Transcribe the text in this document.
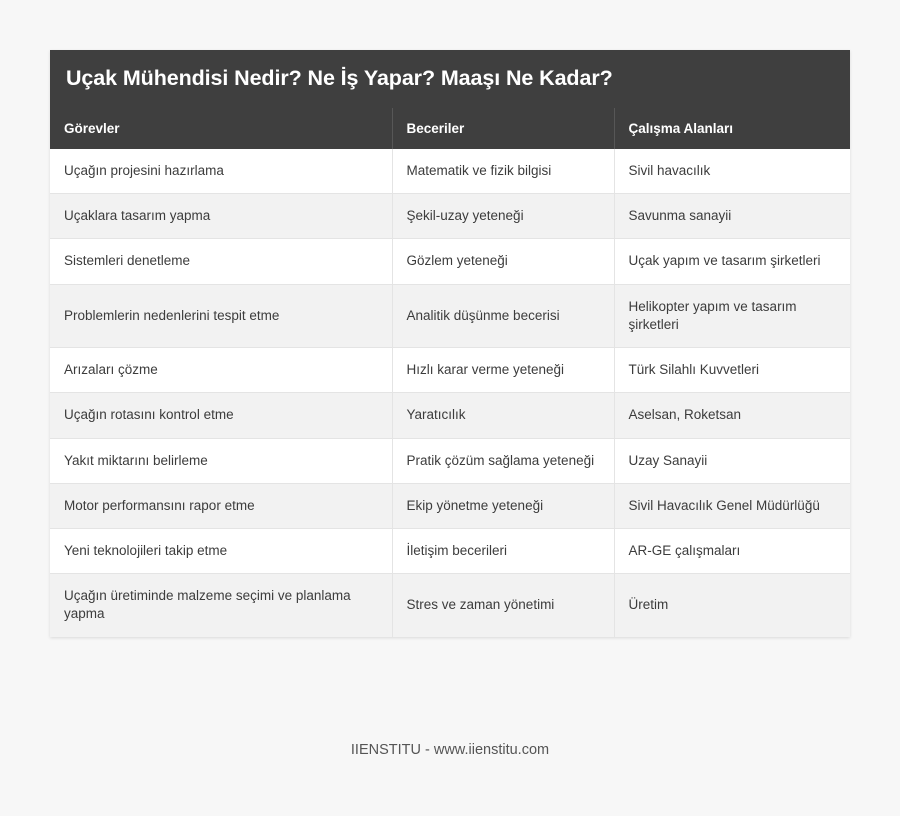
Uçak Mühendisi Nedir? Ne İş Yapar? Maaşı Ne Kadar?
Görevler	Beceriler	Çalışma Alanları
Uçağın projesini hazırlama	Matematik ve fizik bilgisi	Sivil havacılık
Uçaklara tasarım yapma	Şekil-uzay yeteneği	Savunma sanayii
Sistemleri denetleme	Gözlem yeteneği	Uçak yapım ve tasarım şirketleri
Problemlerin nedenlerini tespit etme	Analitik düşünme becerisi	Helikopter yapım ve tasarım şirketleri
Arızaları çözme	Hızlı karar verme yeteneği	Türk Silahlı Kuvvetleri
Uçağın rotasını kontrol etme	Yaratıcılık	Aselsan, Roketsan
Yakıt miktarını belirleme	Pratik çözüm sağlama yeteneği	Uzay Sanayii
Motor performansını rapor etme	Ekip yönetme yeteneği	Sivil Havacılık Genel Müdürlüğü
Yeni teknolojileri takip etme	İletişim becerileri	AR-GE çalışmaları
Uçağın üretiminde malzeme seçimi ve planlama yapma	Stres ve zaman yönetimi	Üretim
IIENSTITU - www.iienstitu.com
